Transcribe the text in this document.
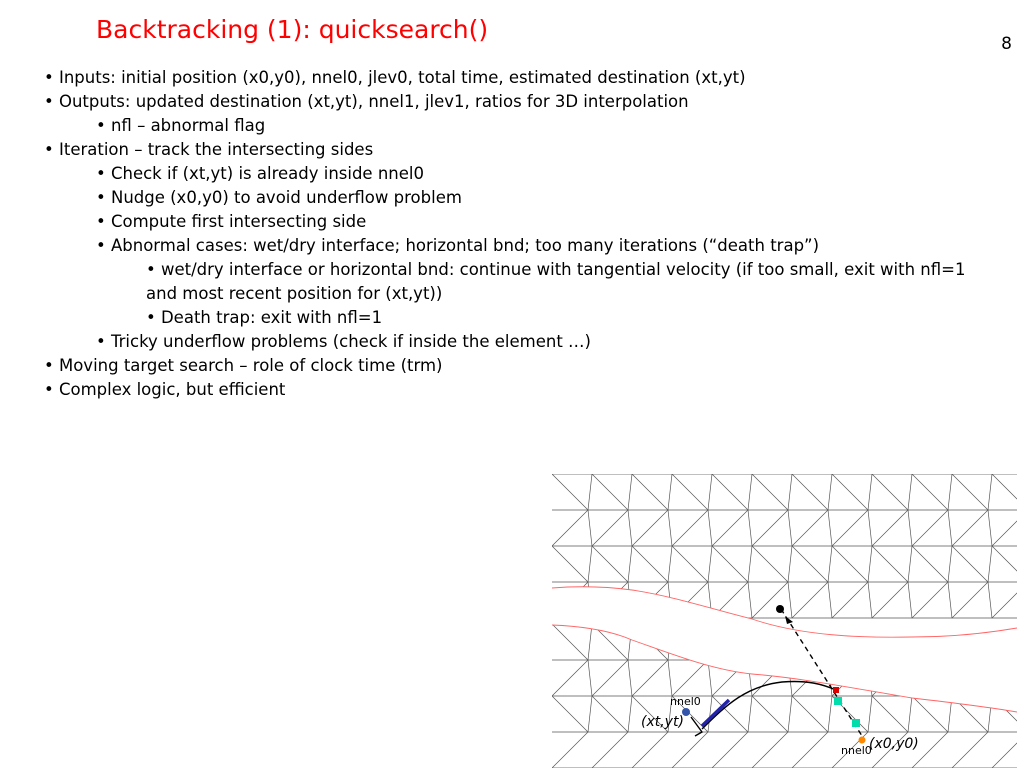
Backtracking (1): quicksearch()	8
• Inputs: initial position (x0,y0), nnel0, jlev0, total time, estimated destination (xt,yt)
• Outputs: updated destination (xt,yt), nnel1, jlev1, ratios for 3D interpolation
• nfl – abnormal flag
• Iteration – track the intersecting sides
• Check if (xt,yt) is already inside nnel0
• Nudge (x0,y0) to avoid underflow problem
• Compute first intersecting side
• Abnormal cases: wet/dry interface; horizontal bnd; too many iterations (“death trap”)
• wet/dry interface or horizontal bnd: continue with tangential velocity (if too small, exit with nfl=1 and most recent position for (xt,yt))
• Death trap: exit with nfl=1
• Tricky underflow problems (check if inside the element …)
• Moving target search – role of clock time (trm)
• Complex logic, but efficient
nnel0
(xt,yt)
nnel0
(x0,y0)
